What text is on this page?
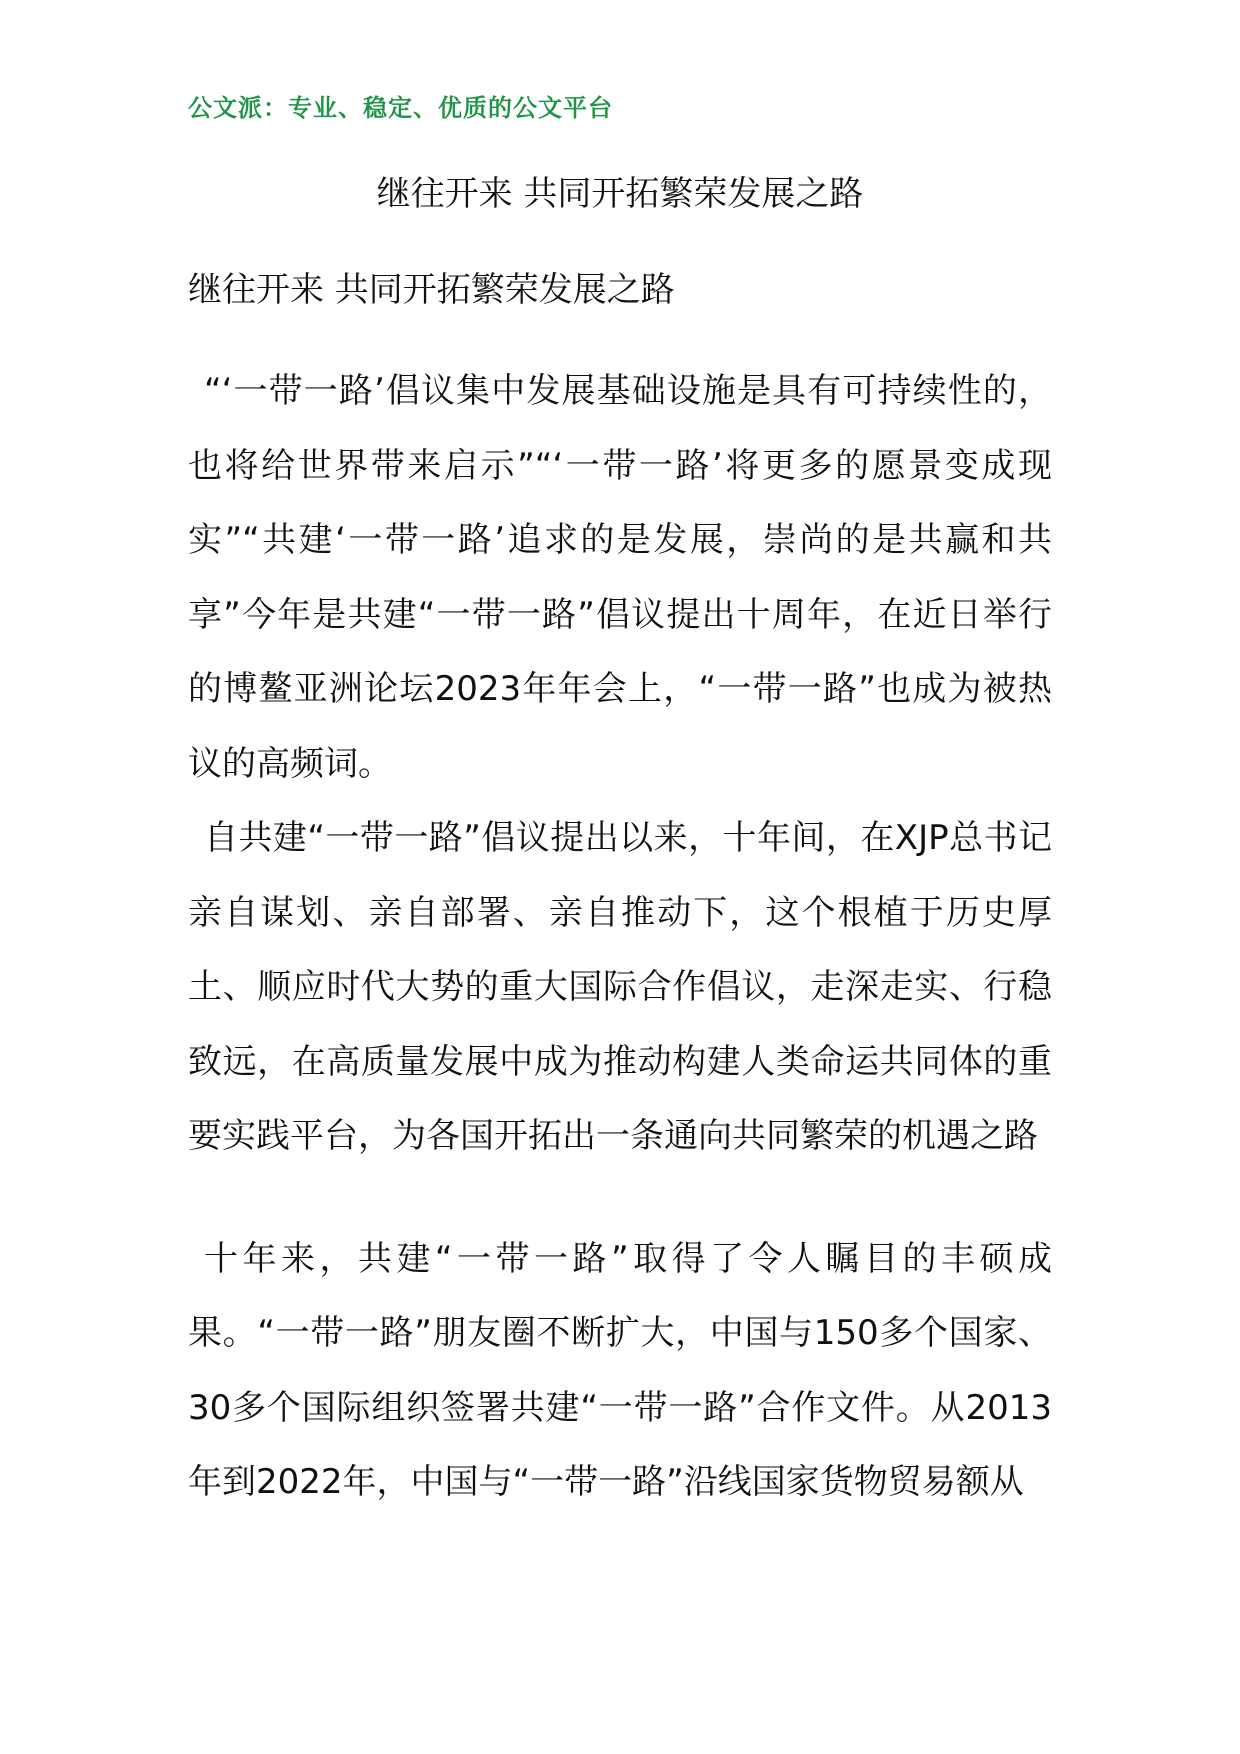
公文派：专业、稳定、优质的公文平台
继往开来 共同开拓繁荣发展之路
继往开来 共同开拓繁荣发展之路

“‘一带一路’倡议集中发展基础设施是具有可持续性的，也将给世界带来启示”“‘一带一路’将更多的愿景变成现实”“共建‘一带一路’追求的是发展，崇尚的是共赢和共享”今年是共建“一带一路”倡议提出十周年，在近日举行的博鳌亚洲论坛2023年年会上，“一带一路”也成为被热议的高频词。

自共建“一带一路”倡议提出以来，十年间，在XJP总书记亲自谋划、亲自部署、亲自推动下，这个根植于历史厚土、顺应时代大势的重大国际合作倡议，走深走实、行稳致远，在高质量发展中成为推动构建人类命运共同体的重要实践平台，为各国开拓出一条通向共同繁荣的机遇之路

十年来，共建“一带一路”取得了令人瞩目的丰硕成果。“一带一路”朋友圈不断扩大，中国与150多个国家、30多个国际组织签署共建“一带一路”合作文件。从2013年到2022年，中国与“一带一路”沿线国家货物贸易额从
